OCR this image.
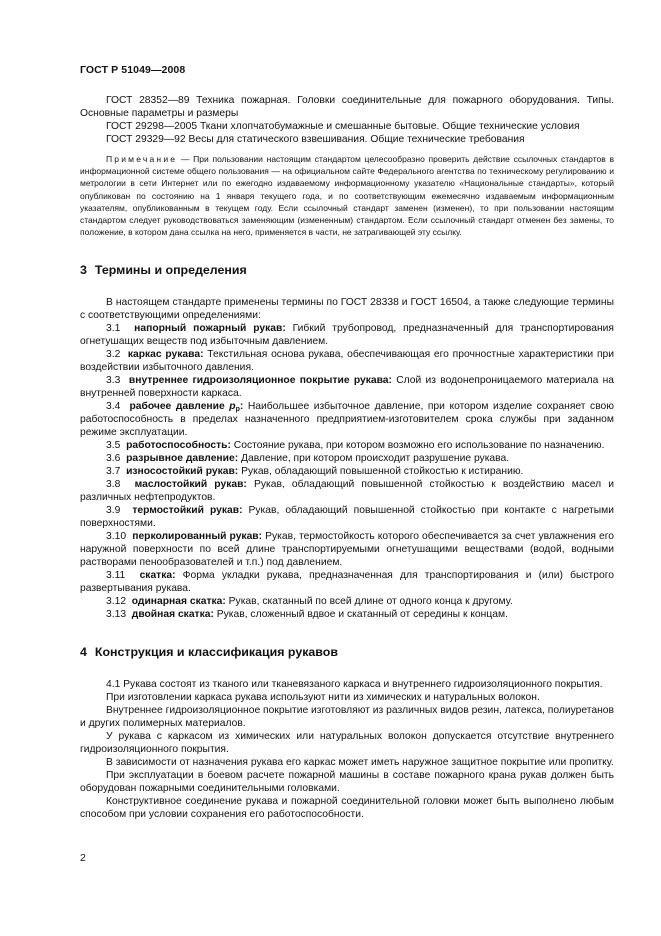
ГОСТ Р 51049—2008

ГОСТ 28352—89 Техника пожарная. Головки соединительные для пожарного оборудования. Типы. Основные параметры и размеры

ГОСТ 29298—2005 Ткани хлопчатобумажные и смешанные бытовые. Общие технические условия

ГОСТ 29329—92 Весы для статического взвешивания. Общие технические требования

Примечание — При пользовании настоящим стандартом целесообразно проверить действие ссылочных стандартов в информационной системе общего пользования — на официальном сайте Федерального агентства по техническому регулированию и метрологии в сети Интернет или по ежегодно издаваемому информационному указателю «Национальные стандарты», который опубликован по состоянию на 1 января текущего года, и по соответствующим ежемесячно издаваемым информационным указателям, опубликованным в текущем году. Если ссылочный стандарт заменен (изменен), то при пользовании настоящим стандартом следует руководствоваться заменяющим (измененным) стандартом. Если ссылочный стандарт отменен без замены, то положение, в котором дана ссылка на него, применяется в части, не затрагивающей эту ссылку.

3 Термины и определения

В настоящем стандарте применены термины по ГОСТ 28338 и ГОСТ 16504, а также следующие термины с соответствующими определениями:

3.1 напорный пожарный рукав: Гибкий трубопровод, предназначенный для транспортирования огнетушащих веществ под избыточным давлением.

3.2 каркас рукава: Текстильная основа рукава, обеспечивающая его прочностные характеристики при воздействии избыточного давления.

3.3 внутреннее гидроизоляционное покрытие рукава: Слой из водонепроницаемого материала на внутренней поверхности каркаса.

3.4 рабочее давление $p_р$: Наибольшее избыточное давление, при котором изделие сохраняет свою работоспособность в пределах назначенного предприятием-изготовителем срока службы при заданном режиме эксплуатации.

3.5 работоспособность: Состояние рукава, при котором возможно его использование по назначению.

3.6 разрывное давление: Давление, при котором происходит разрушение рукава.

3.7 износостойкий рукав: Рукав, обладающий повышенной стойкостью к истиранию.

3.8 маслостойкий рукав: Рукав, обладающий повышенной стойкостью к воздействию масел и различных нефтепродуктов.

3.9 термостойкий рукав: Рукав, обладающий повышенной стойкостью при контакте с нагретыми поверхностями.

3.10 перколированный рукав: Рукав, термостойкость которого обеспечивается за счет увлажнения его наружной поверхности по всей длине транспортируемыми огнетушащими веществами (водой, водными растворами пенообразователей и т.п.) под давлением.

3.11 скатка: Форма укладки рукава, предназначенная для транспортирования и (или) быстрого развертывания рукава.

3.12 одинарная скатка: Рукав, скатанный по всей длине от одного конца к другому.

3.13 двойная скатка: Рукав, сложенный вдвое и скатанный от середины к концам.

4 Конструкция и классификация рукавов

4.1 Рукава состоят из тканого или тканевязаного каркаса и внутреннего гидроизоляционного покрытия.

При изготовлении каркаса рукава используют нити из химических и натуральных волокон.

Внутреннее гидроизоляционное покрытие изготовляют из различных видов резин, латекса, полиуретанов и других полимерных материалов.

У рукава с каркасом из химических или натуральных волокон допускается отсутствие внутреннего гидроизоляционного покрытия.

В зависимости от назначения рукава его каркас может иметь наружное защитное покрытие или пропитку.

При эксплуатации в боевом расчете пожарной машины в составе пожарного крана рукав должен быть оборудован пожарными соединительными головками.

Конструктивное соединение рукава и пожарной соединительной головки может быть выполнено любым способом при условии сохранения его работоспособности.

2
